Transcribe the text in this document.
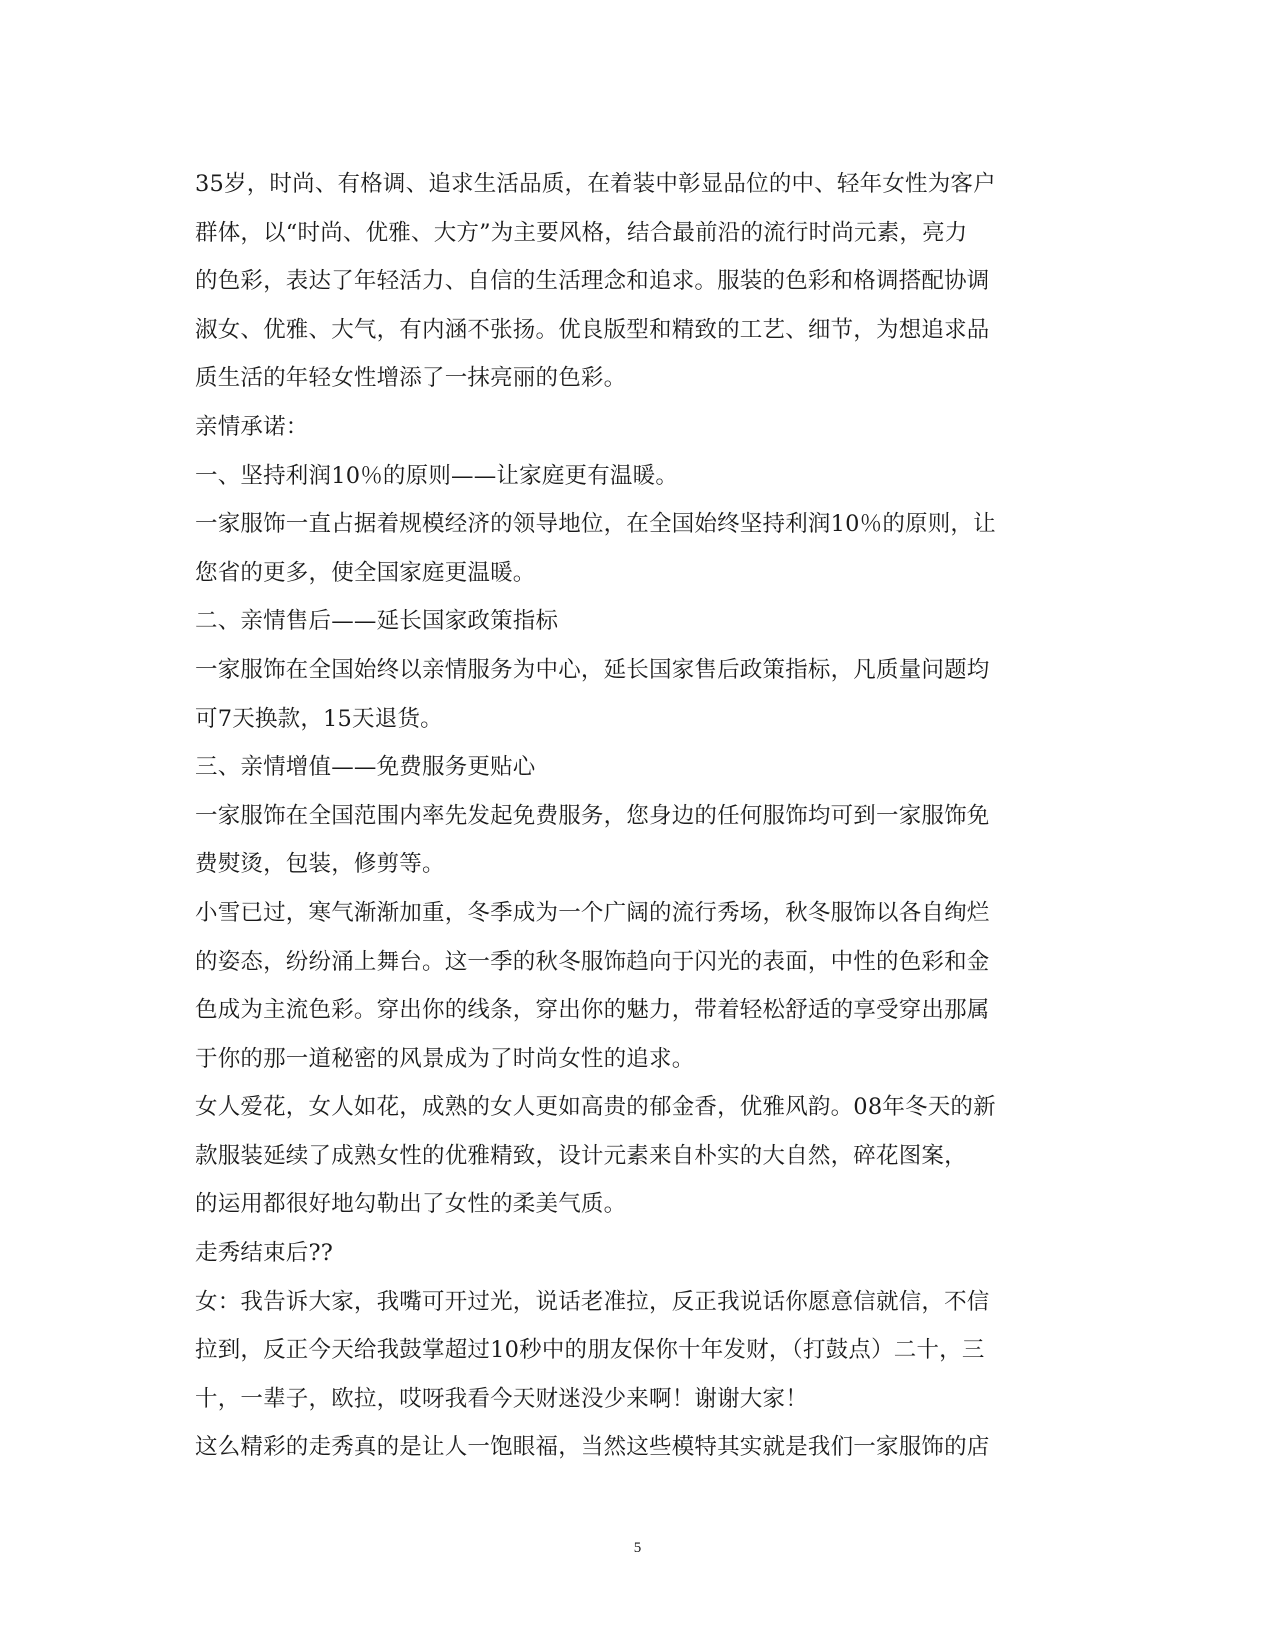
35岁，时尚、有格调、追求生活品质，在着装中彰显品位的中、轻年女性为客户
群体，以“时尚、优雅、大方”为主要风格，结合最前沿的流行时尚元素，亮力
的色彩，表达了年轻活力、自信的生活理念和追求。服装的色彩和格调搭配协调
淑女、优雅、大气，有内涵不张扬。优良版型和精致的工艺、细节，为想追求品
质生活的年轻女性增添了一抹亮丽的色彩。
亲情承诺：
一、坚持利润10％的原则——让家庭更有温暖。
一家服饰一直占据着规模经济的领导地位，在全国始终坚持利润10％的原则，让
您省的更多，使全国家庭更温暖。
二、亲情售后——延长国家政策指标
一家服饰在全国始终以亲情服务为中心，延长国家售后政策指标，凡质量问题均
可7天换款，15天退货。
三、亲情增值——免费服务更贴心
一家服饰在全国范围内率先发起免费服务，您身边的任何服饰均可到一家服饰免
费熨烫，包装，修剪等。
小雪已过，寒气渐渐加重，冬季成为一个广阔的流行秀场，秋冬服饰以各自绚烂
的姿态，纷纷涌上舞台。这一季的秋冬服饰趋向于闪光的表面，中性的色彩和金
色成为主流色彩。穿出你的线条，穿出你的魅力，带着轻松舒适的享受穿出那属
于你的那一道秘密的风景成为了时尚女性的追求。
女人爱花，女人如花，成熟的女人更如高贵的郁金香，优雅风韵。08年冬天的新
款服装延续了成熟女性的优雅精致，设计元素来自朴实的大自然，碎花图案，
的运用都很好地勾勒出了女性的柔美气质。
走秀结束后??
女：我告诉大家，我嘴可开过光，说话老准拉，反正我说话你愿意信就信，不信
拉到，反正今天给我鼓掌超过10秒中的朋友保你十年发财，（打鼓点）二十，三
十，一辈子，欧拉，哎呀我看今天财迷没少来啊！谢谢大家！
这么精彩的走秀真的是让人一饱眼福，当然这些模特其实就是我们一家服饰的店
5
